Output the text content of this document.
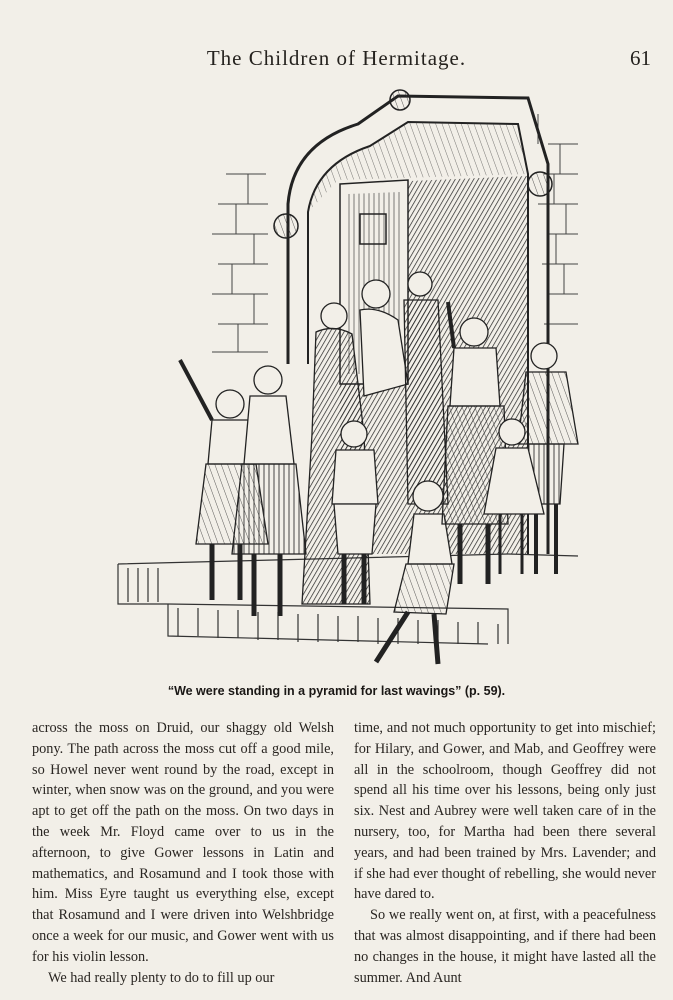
The Children of Hermitage.	61
“We were standing in a pyramid for last wavings” (p. 59).

across the moss on Druid, our shaggy old Welsh pony. The path across the moss cut off a good mile, so Howel never went round by the road, except in winter, when snow was on the ground, and you were apt to get off the path on the moss. On two days in the week Mr. Floyd came over to us in the afternoon, to give Gower lessons in Latin and mathematics, and Rosamund and I took those with him. Miss Eyre taught us everything else, except that Rosamund and I were driven into Welshbridge once a week for our music, and Gower went with us for his violin lesson.

We had really plenty to do to fill up our

time, and not much opportunity to get into mischief; for Hilary, and Gower, and Mab, and Geoffrey were all in the schoolroom, though Geoffrey did not spend all his time over his lessons, being only just six. Nest and Aubrey were well taken care of in the nursery, too, for Martha had been there several years, and had been trained by Mrs. Lavender; and if she had ever thought of rebelling, she would never have dared to.

So we really went on, at first, with a peacefulness that was almost disappointing, and if there had been no changes in the house, it might have lasted all the summer. And Aunt
